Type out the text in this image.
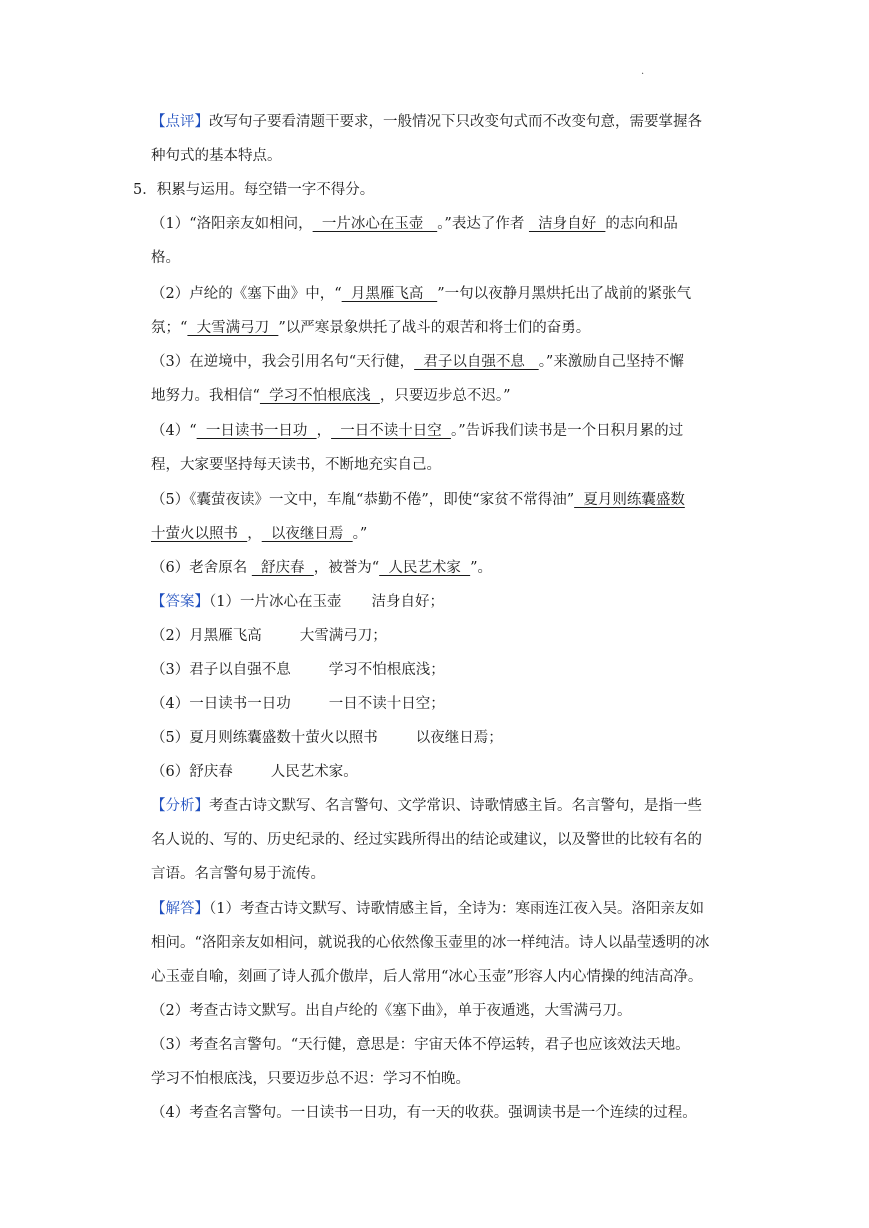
.
【点评】改写句子要看清题干要求，一般情况下只改变句式而不改变句意，需要掌握各
种句式的基本特点。
5．积累与运用。每空错一字不得分。
（1）“洛阳亲友如相问，  一片冰心在玉壶   。”表达了作者   洁身自好  的志向和品
格。
（2）卢纶的《塞下曲》中，“  月黑雁飞高   ”一句以夜静月黑烘托出了战前的紧张气
氛；“  大雪满弓刀  ”以严寒景象烘托了战斗的艰苦和将士们的奋勇。
（3）在逆境中，我会引用名句“天行健，  君子以自强不息   。”来激励自己坚持不懈
地努力。我相信“  学习不怕根底浅  ，只要迈步总不迟。”
（4）“  一日读书一日功  ，  一日不读十日空  。”告诉我们读书是一个日积月累的过
程，大家要坚持每天读书，不断地充实自己。
（5）《囊萤夜读》一文中，车胤“恭勤不倦”，即使“家贫不常得油”  夏月则练囊盛数
十萤火以照书  ，  以夜继日焉  。”
（6）老舍原名   舒庆春  ，被誉为“  人民艺术家  ”。
【答案】（1）一片冰心在玉壶 洁身自好；
（2）月黑雁飞高	大雪满弓刀；
（3）君子以自强不息	学习不怕根底浅；
（4）一日读书一日功	一日不读十日空；
（5）夏月则练囊盛数十萤火以照书	以夜继日焉；
（6）舒庆春	人民艺术家。
【分析】考查古诗文默写、名言警句、文学常识、诗歌情感主旨。名言警句，是指一些
名人说的、写的、历史纪录的、经过实践所得出的结论或建议，以及警世的比较有名的
言语。名言警句易于流传。
【解答】（1）考查古诗文默写、诗歌情感主旨，全诗为：寒雨连江夜入吴。洛阳亲友如
相问。“洛阳亲友如相问，就说我的心依然像玉壶里的冰一样纯洁。诗人以晶莹透明的冰
心玉壶自喻，刻画了诗人孤介傲岸，后人常用“冰心玉壶”形容人内心情操的纯洁高净。
（2）考查古诗文默写。出自卢纶的《塞下曲》，单于夜遁逃，大雪满弓刀。
（3）考查名言警句。“天行健，意思是：宇宙天体不停运转，君子也应该效法天地。
学习不怕根底浅，只要迈步总不迟：学习不怕晚。
（4）考查名言警句。一日读书一日功，有一天的收获。强调读书是一个连续的过程。
